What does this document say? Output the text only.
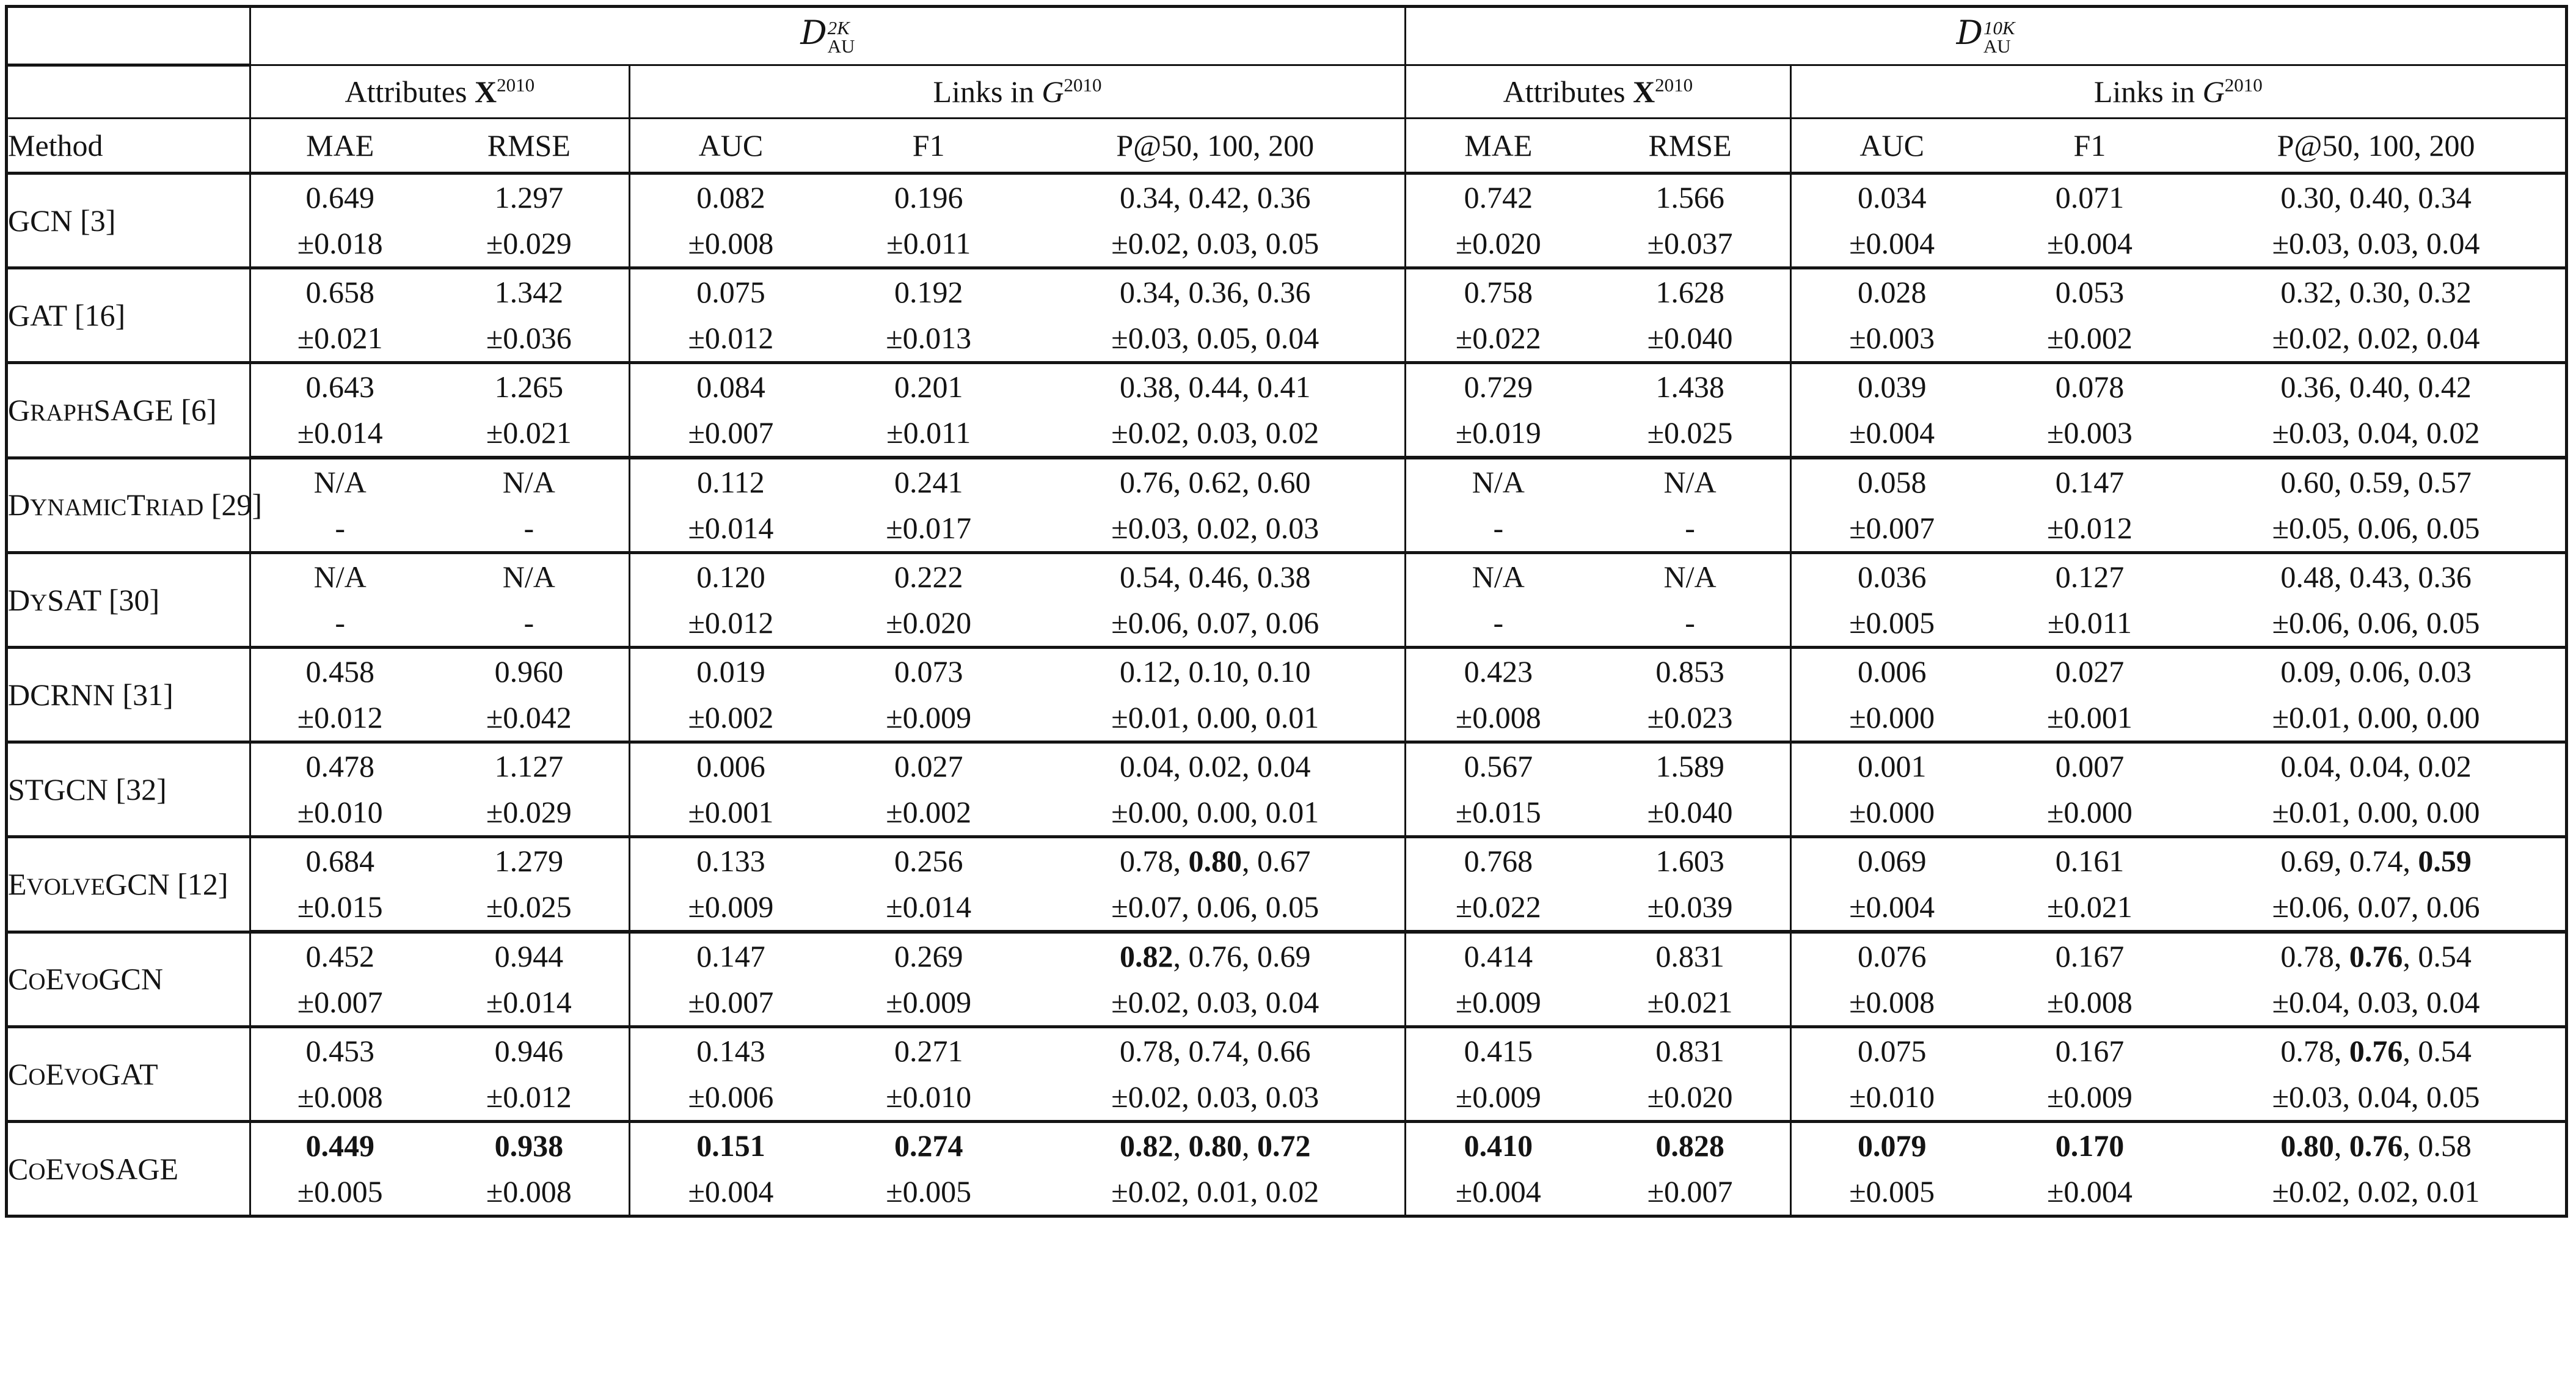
	D 2K
AU					D 10K
AU				

	Attributes $X^{2010}$		Links in $G^{2010}$			Attributes $X^{2010}$		Links in $G^{2010}$
Method	MAE	RMSE	AUC	F1	P@50, 100, 200	MAE	RMSE	AUC	F1	P@50, 100, 200
GCN [3]	0.649	1.297	0.082	0.196	0.34, 0.42, 0.36	0.742	1.566	0.034	0.071	0.30, 0.40, 0.34
	±0.018	±0.029	±0.008	±0.011	±0.02, 0.03, 0.05	±0.020	±0.037	±0.004	±0.004	±0.03, 0.03, 0.04
GAT [16]	0.658	1.342	0.075	0.192	0.34, 0.36, 0.36	0.758	1.628	0.028	0.053	0.32, 0.30, 0.32
	±0.021	±0.036	±0.012	±0.013	±0.03, 0.05, 0.04	±0.022	±0.040	±0.003	±0.002	±0.02, 0.02, 0.04
GRAPHSAGE [6]	0.643	1.265	0.084	0.201	0.38, 0.44, 0.41	0.729	1.438	0.039	0.078	0.36, 0.40, 0.42
	±0.014	±0.021	±0.007	±0.011	±0.02, 0.03, 0.02	±0.019	±0.025	±0.004	±0.003	±0.03, 0.04, 0.02
DYNAMICTRIAD [29]	N/A	N/A	0.112	0.241	0.76, 0.62, 0.60	N/A	N/A	0.058	0.147	0.60, 0.59, 0.57
	-	-	±0.014	±0.017	±0.03, 0.02, 0.03	-	-	±0.007	±0.012	±0.05, 0.06, 0.05
DYSAT [30]	N/A	N/A	0.120	0.222	0.54, 0.46, 0.38	N/A	N/A	0.036	0.127	0.48, 0.43, 0.36
	-	-	±0.012	±0.020	±0.06, 0.07, 0.06	-	-	±0.005	±0.011	±0.06, 0.06, 0.05
DCRNN [31]	0.458	0.960	0.019	0.073	0.12, 0.10, 0.10	0.423	0.853	0.006	0.027	0.09, 0.06, 0.03
	±0.012	±0.042	±0.002	±0.009	±0.01, 0.00, 0.01	±0.008	±0.023	±0.000	±0.001	±0.01, 0.00, 0.00
STGCN [32]	0.478	1.127	0.006	0.027	0.04, 0.02, 0.04	0.567	1.589	0.001	0.007	0.04, 0.04, 0.02
	±0.010	±0.029	±0.001	±0.002	±0.00, 0.00, 0.01	±0.015	±0.040	±0.000	±0.000	±0.01, 0.00, 0.00
EVOLVEGCN [12]	0.684	1.279	0.133	0.256	0.78, 0.80, 0.67	0.768	1.603	0.069	0.161	0.69, 0.74, 0.59
	±0.015	±0.025	±0.009	±0.014	±0.07, 0.06, 0.05	±0.022	±0.039	±0.004	±0.021	±0.06, 0.07, 0.06
COEVOGCN	0.452	0.944	0.147	0.269	0.82, 0.76, 0.69	0.414	0.831	0.076	0.167	0.78, 0.76, 0.54
	±0.007	±0.014	±0.007	±0.009	±0.02, 0.03, 0.04	±0.009	±0.021	±0.008	±0.008	±0.04, 0.03, 0.04
COEVOGAT	0.453	0.946	0.143	0.271	0.78, 0.74, 0.66	0.415	0.831	0.075	0.167	0.78, 0.76, 0.54
	±0.008	±0.012	±0.006	±0.010	±0.02, 0.03, 0.03	±0.009	±0.020	±0.010	±0.009	±0.03, 0.04, 0.05
COEVOSAGE	0.449	0.938	0.151	0.274	0.82, 0.80, 0.72	0.410	0.828	0.079	0.170	0.80, 0.76, 0.58
	±0.005	±0.008	±0.004	±0.005	±0.02, 0.01, 0.02	±0.004	±0.007	±0.005	±0.004	±0.02, 0.02, 0.01
